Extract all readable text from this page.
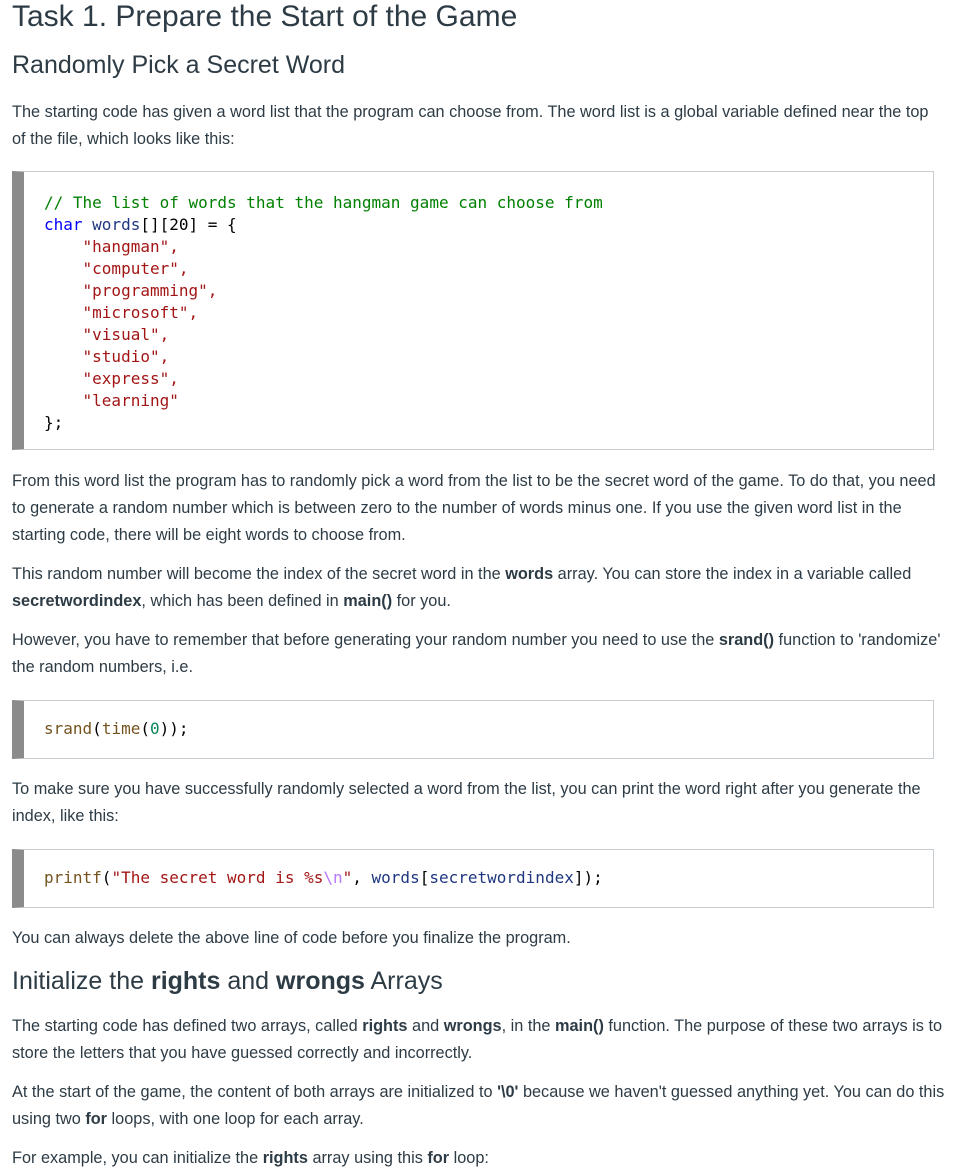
Task 1. Prepare the Start of the Game
Randomly Pick a Secret Word

The starting code has given a word list that the program can choose from. The word list is a global variable defined near the top of the file, which looks like this:

// The list of words that the hangman game can choose from
char words[][20] = {
"hangman",
"computer",
"programming",
"microsoft",
"visual",
"studio",
"express",
"learning"
};

From this word list the program has to randomly pick a word from the list to be the secret word of the game. To do that, you need to generate a random number which is between zero to the number of words minus one. If you use the given word list in the starting code, there will be eight words to choose from.

This random number will become the index of the secret word in the words array. You can store the index in a variable called secretwordindex, which has been defined in main() for you.

However, you have to remember that before generating your random number you need to use the srand() function to 'randomize' the random numbers, i.e.

srand(time(0));

To make sure you have successfully randomly selected a word from the list, you can print the word right after you generate the index, like this:

printf("The secret word is %s\n", words[secretwordindex]);

You can always delete the above line of code before you finalize the program.

Initialize the rights and wrongs Arrays

The starting code has defined two arrays, called rights and wrongs, in the main() function. The purpose of these two arrays is to store the letters that you have guessed correctly and incorrectly.

At the start of the game, the content of both arrays are initialized to '\0' because we haven't guessed anything yet. You can do this using two for loops, with one loop for each array.

For example, you can initialize the rights array using this for loop:
